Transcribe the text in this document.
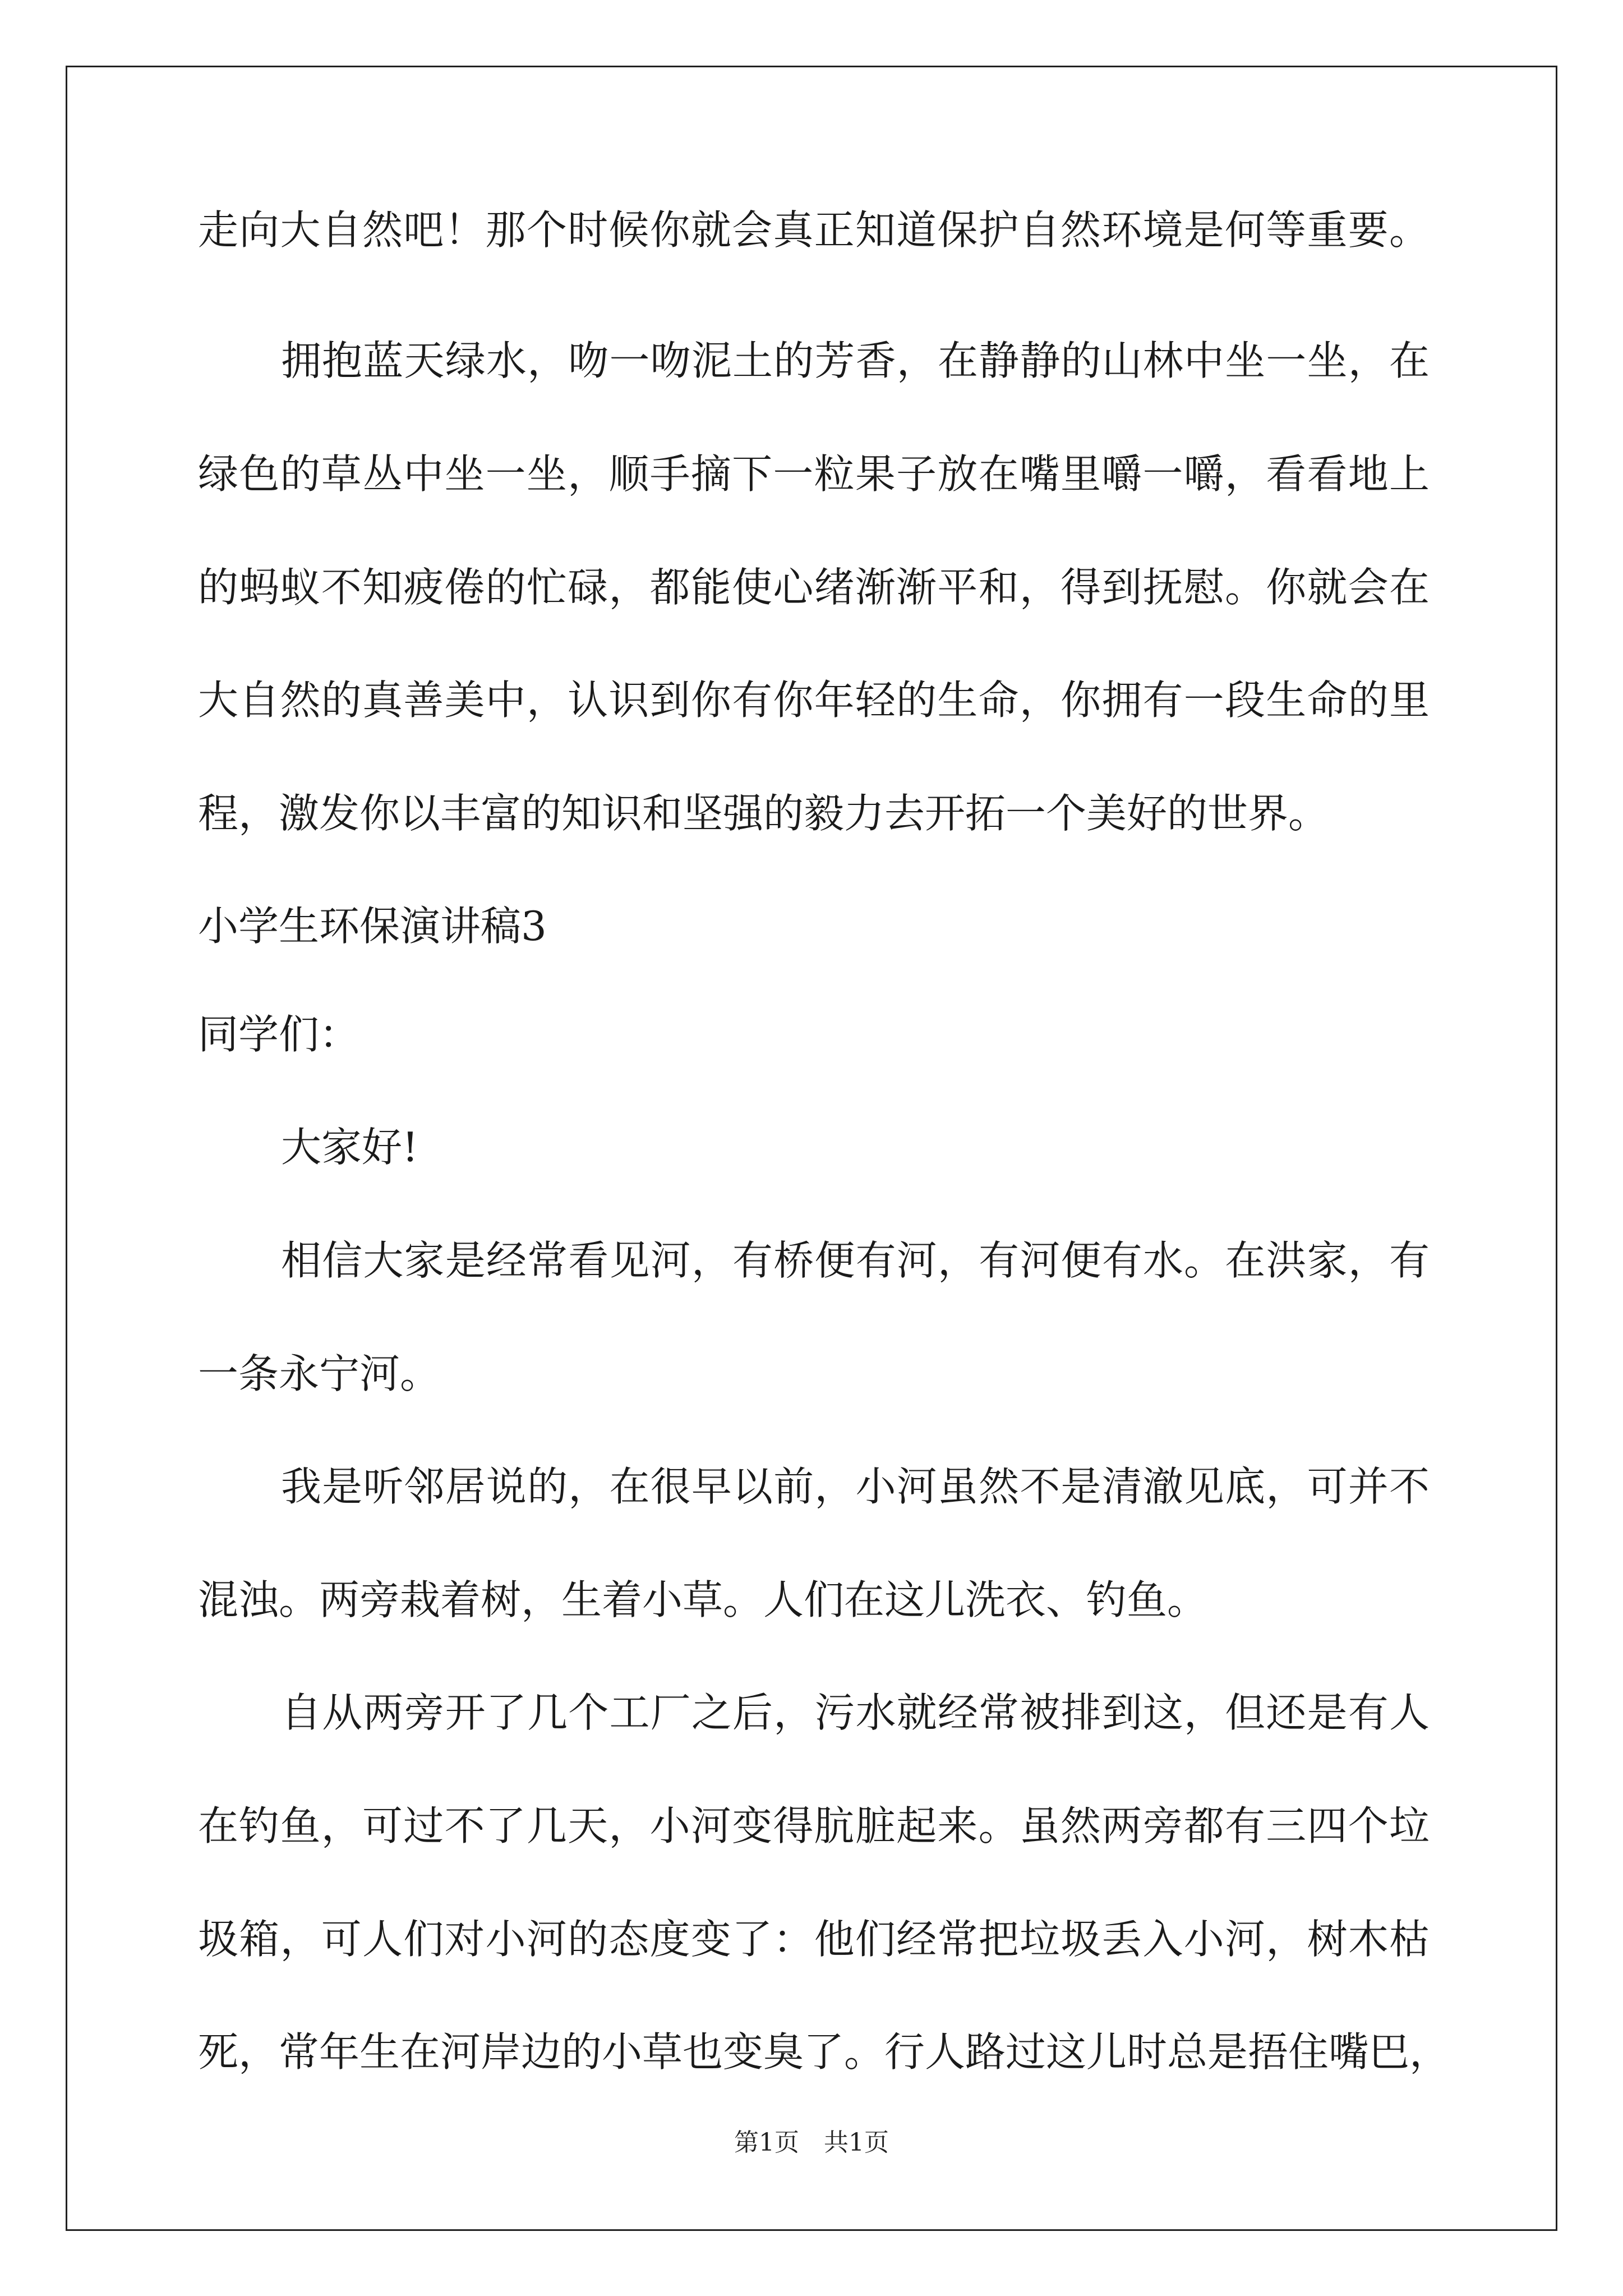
走向大自然吧！那个时候你就会真正知道保护自然环境是何等重要。
拥抱蓝天绿水，吻一吻泥土的芳香，在静静的山林中坐一坐，在
绿色的草丛中坐一坐，顺手摘下一粒果子放在嘴里嚼一嚼，看看地上
的蚂蚁不知疲倦的忙碌，都能使心绪渐渐平和，得到抚慰。你就会在
大自然的真善美中，认识到你有你年轻的生命，你拥有一段生命的里
程，激发你以丰富的知识和坚强的毅力去开拓一个美好的世界。
小学生环保演讲稿3
同学们：
大家好!
相信大家是经常看见河，有桥便有河，有河便有水。在洪家，有
一条永宁河。
我是听邻居说的，在很早以前，小河虽然不是清澈见底，可并不
混浊。两旁栽着树，生着小草。人们在这儿洗衣、钓鱼。
自从两旁开了几个工厂之后，污水就经常被排到这，但还是有人
在钓鱼，可过不了几天，小河变得肮脏起来。虽然两旁都有三四个垃
圾箱，可人们对小河的态度变了：他们经常把垃圾丢入小河，树木枯
死，常年生在河岸边的小草也变臭了。行人路过这儿时总是捂住嘴巴，
第1页　共1页
